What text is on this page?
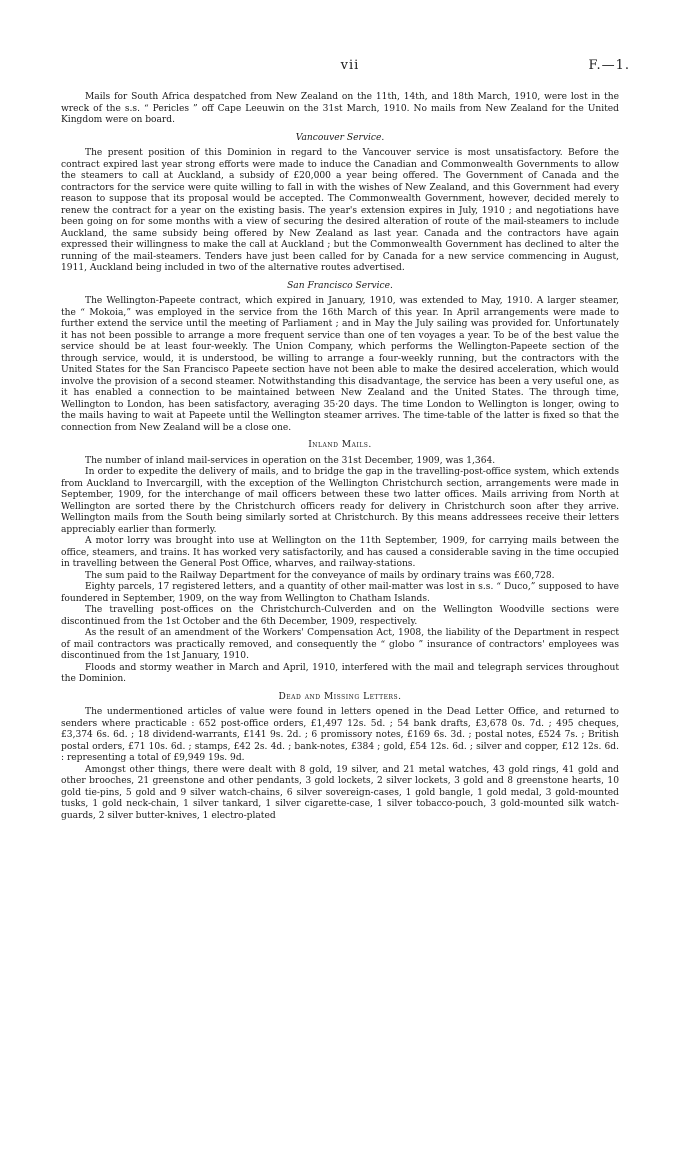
vii	F.—1.

Mails for South Africa despatched from New Zealand on the 11th, 14th, and 18th March, 1910, were lost in the wreck of the s.s. “ Pericles ” off Cape Leeuwin on the 31st March, 1910. No mails from New Zealand for the United Kingdom were on board.

Vancouver Service.

The present position of this Dominion in regard to the Vancouver service is most unsatisfactory. Before the contract expired last year strong efforts were made to induce the Canadian and Commonwealth Governments to allow the steamers to call at Auckland, a subsidy of £20,000 a year being offered. The Government of Canada and the contractors for the service were quite willing to fall in with the wishes of New Zealand, and this Government had every reason to suppose that its proposal would be accepted. The Commonwealth Government, however, decided merely to renew the contract for a year on the existing basis. The year's extension expires in July, 1910 ; and negotiations have been going on for some months with a view of securing the desired alteration of route of the mail-steamers to include Auckland, the same subsidy being offered by New Zealand as last year. Canada and the contractors have again expressed their willingness to make the call at Auckland ; but the Commonwealth Government has declined to alter the running of the mail-steamers. Tenders have just been called for by Canada for a new service commencing in August, 1911, Auckland being included in two of the alternative routes advertised.

San Francisco Service.

The Wellington-Papeete contract, which expired in January, 1910, was extended to May, 1910. A larger steamer, the “ Mokoia,” was employed in the service from the 16th March of this year. In April arrangements were made to further extend the service until the meeting of Parliament ; and in May the July sailing was provided for. Unfortunately it has not been possible to arrange a more frequent service than one of ten voyages a year. To be of the best value the service should be at least four-weekly. The Union Company, which performs the Wellington-Papeete section of the through service, would, it is understood, be willing to arrange a four-weekly running, but the contractors with the United States for the San Francisco Papeete section have not been able to make the desired acceleration, which would involve the provision of a second steamer. Notwithstanding this disadvantage, the service has been a very useful one, as it has enabled a connection to be maintained between New Zealand and the United States. The through time, Wellington to London, has been satisfactory, averaging 35·20 days. The time London to Wellington is longer, owing to the mails having to wait at Papeete until the Wellington steamer arrives. The time-table of the latter is fixed so that the connection from New Zealand will be a close one.

Inland Mails.

The number of inland mail-services in operation on the 31st December, 1909, was 1,364.

In order to expedite the delivery of mails, and to bridge the gap in the travelling-post-office system, which extends from Auckland to Invercargill, with the exception of the Wellington Christchurch section, arrangements were made in September, 1909, for the interchange of mail officers between these two latter offices. Mails arriving from North at Wellington are sorted there by the Christchurch officers ready for delivery in Christchurch soon after they arrive. Wellington mails from the South being similarly sorted at Christchurch. By this means addressees receive their letters appreciably earlier than formerly.

A motor lorry was brought into use at Wellington on the 11th September, 1909, for carrying mails between the office, steamers, and trains. It has worked very satisfactorily, and has caused a considerable saving in the time occupied in travelling between the General Post Office, wharves, and railway-stations.

The sum paid to the Railway Department for the conveyance of mails by ordinary trains was £60,728.

Eighty parcels, 17 registered letters, and a quantity of other mail-matter was lost in s.s. “ Duco,” supposed to have foundered in September, 1909, on the way from Wellington to Chatham Islands.

The travelling post-offices on the Christchurch-Culverden and on the Wellington Woodville sections were discontinued from the 1st October and the 6th December, 1909, respectively.

As the result of an amendment of the Workers' Compensation Act, 1908, the liability of the Department in respect of mail contractors was practically removed, and consequently the “ globo ” insurance of contractors' employees was discontinued from the 1st January, 1910.

Floods and stormy weather in March and April, 1910, interfered with the mail and telegraph services throughout the Dominion.

Dead and Missing Letters.

The undermentioned articles of value were found in letters opened in the Dead Letter Office, and returned to senders where practicable : 652 post-office orders, £1,497 12s. 5d. ; 54 bank drafts, £3,678 0s. 7d. ; 495 cheques, £3,374 6s. 6d. ; 18 dividend-warrants, £141 9s. 2d. ; 6 promissory notes, £169 6s. 3d. ; postal notes, £524 7s. ; British postal orders, £71 10s. 6d. ; stamps, £42 2s. 4d. ; bank-notes, £384 ; gold, £54 12s. 6d. ; silver and copper, £12 12s. 6d. : representing a total of £9,949 19s. 9d.

Amongst other things, there were dealt with 8 gold, 19 silver, and 21 metal watches, 43 gold rings, 41 gold and other brooches, 21 greenstone and other pendants, 3 gold lockets, 2 silver lockets, 3 gold and 8 greenstone hearts, 10 gold tie-pins, 5 gold and 9 silver watch-chains, 6 silver sovereign-cases, 1 gold bangle, 1 gold medal, 3 gold-mounted tusks, 1 gold neck-chain, 1 silver tankard, 1 silver cigarette-case, 1 silver tobacco-pouch, 3 gold-mounted silk watch-guards, 2 silver butter-knives, 1 electro-plated
